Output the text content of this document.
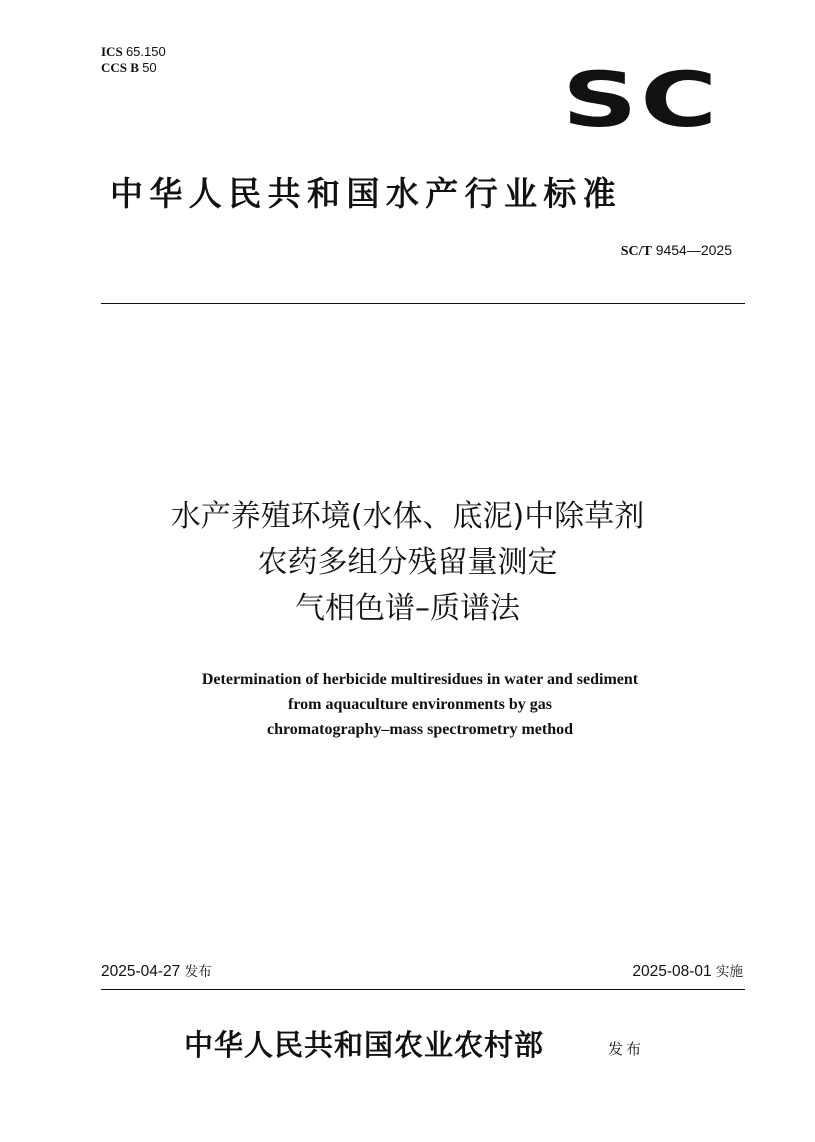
ICS 65.150
CCS B 50	SC
中华人民共和国水产行业标准
SC/T 9454—2025
水产养殖环境(水体、底泥)中除草剂
农药多组分残留量测定
气相色谱–质谱法
Determination of herbicide multiresidues in water and sediment
from aquaculture environments by gas
chromatography–mass spectrometry method
2025-04-27 发布	2025-08-01 实施
中华人民共和国农业农村部	发布
